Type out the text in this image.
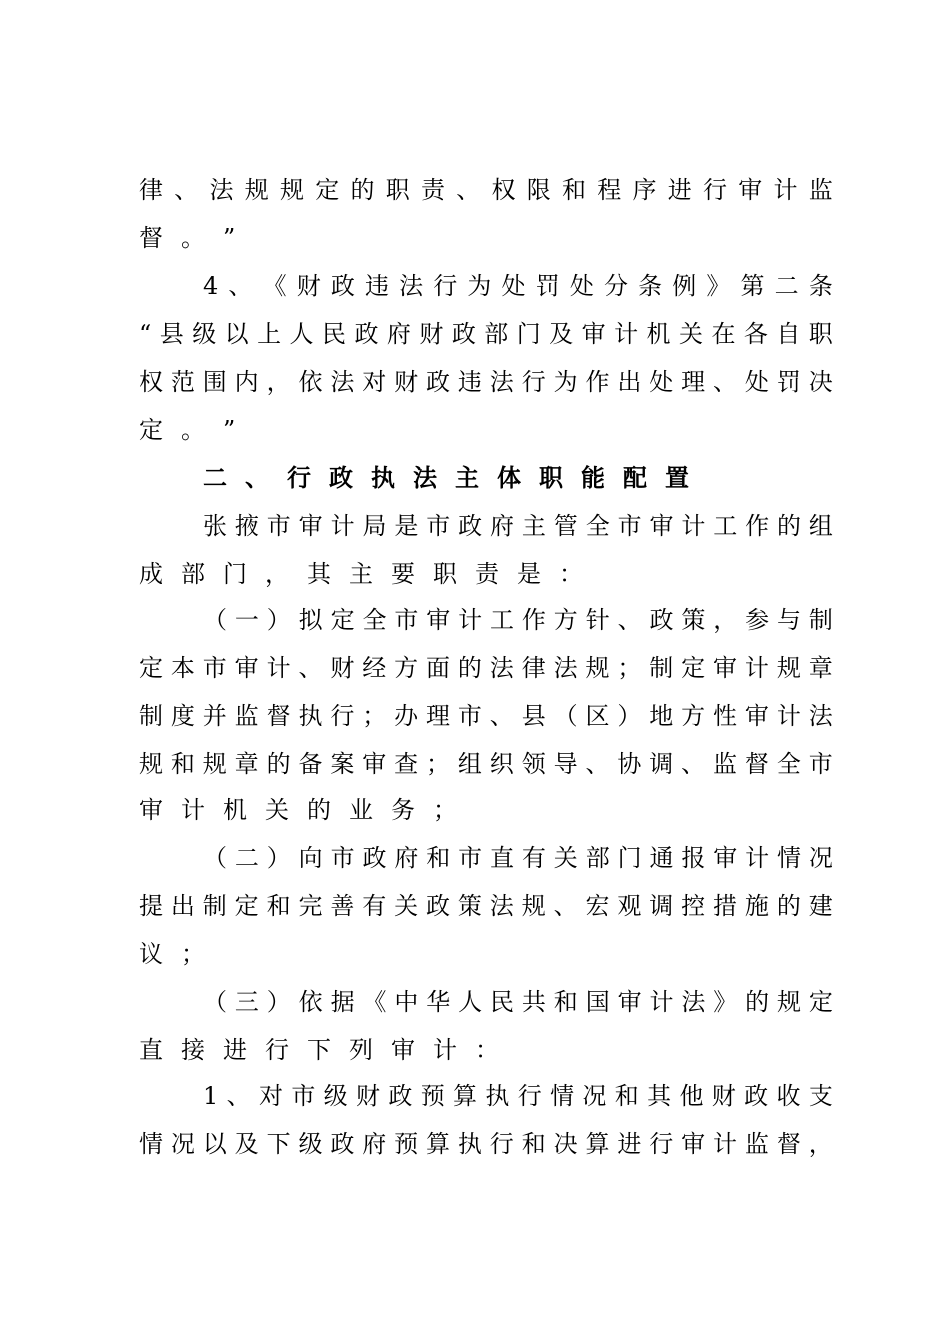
律 、 法 规 规 定 的 职 责 、 权 限 和 程 序 进 行 审 计 监
督 。 ”
4 、 《 财 政 违 法 行 为 处 罚 处 分 条 例 》 第 二 条
“ 县 级 以 上 人 民 政 府 财 政 部 门 及 审 计 机 关 在 各 自 职
权 范 围 内 ， 依 法 对 财 政 违 法 行 为 作 出 处 理 、 处 罚 决
定 。 ”
二 、 行 政 执 法 主 体 职 能 配 置
张 掖 市 审 计 局 是 市 政 府 主 管 全 市 审 计 工 作 的 组
成 部 门 ， 其 主 要 职 责 是 ：
（ 一 ） 拟 定 全 市 审 计 工 作 方 针 、 政 策 ， 参 与 制
定 本 市 审 计 、 财 经 方 面 的 法 律 法 规 ； 制 定 审 计 规 章
制 度 并 监 督 执 行 ； 办 理 市 、 县 （ 区 ） 地 方 性 审 计 法
规 和 规 章 的 备 案 审 查 ； 组 织 领 导 、 协 调 、 监 督 全 市
审 计 机 关 的 业 务 ；
（ 二 ） 向 市 政 府 和 市 直 有 关 部 门 通 报 审 计 情 况
提 出 制 定 和 完 善 有 关 政 策 法 规 、 宏 观 调 控 措 施 的 建
议 ；
（ 三 ） 依 据 《 中 华 人 民 共 和 国 审 计 法 》 的 规 定
直 接 进 行 下 列 审 计 ：
1 、 对 市 级 财 政 预 算 执 行 情 况 和 其 他 财 政 收 支
情 况 以 及 下 级 政 府 预 算 执 行 和 决 算 进 行 审 计 监 督 ，
